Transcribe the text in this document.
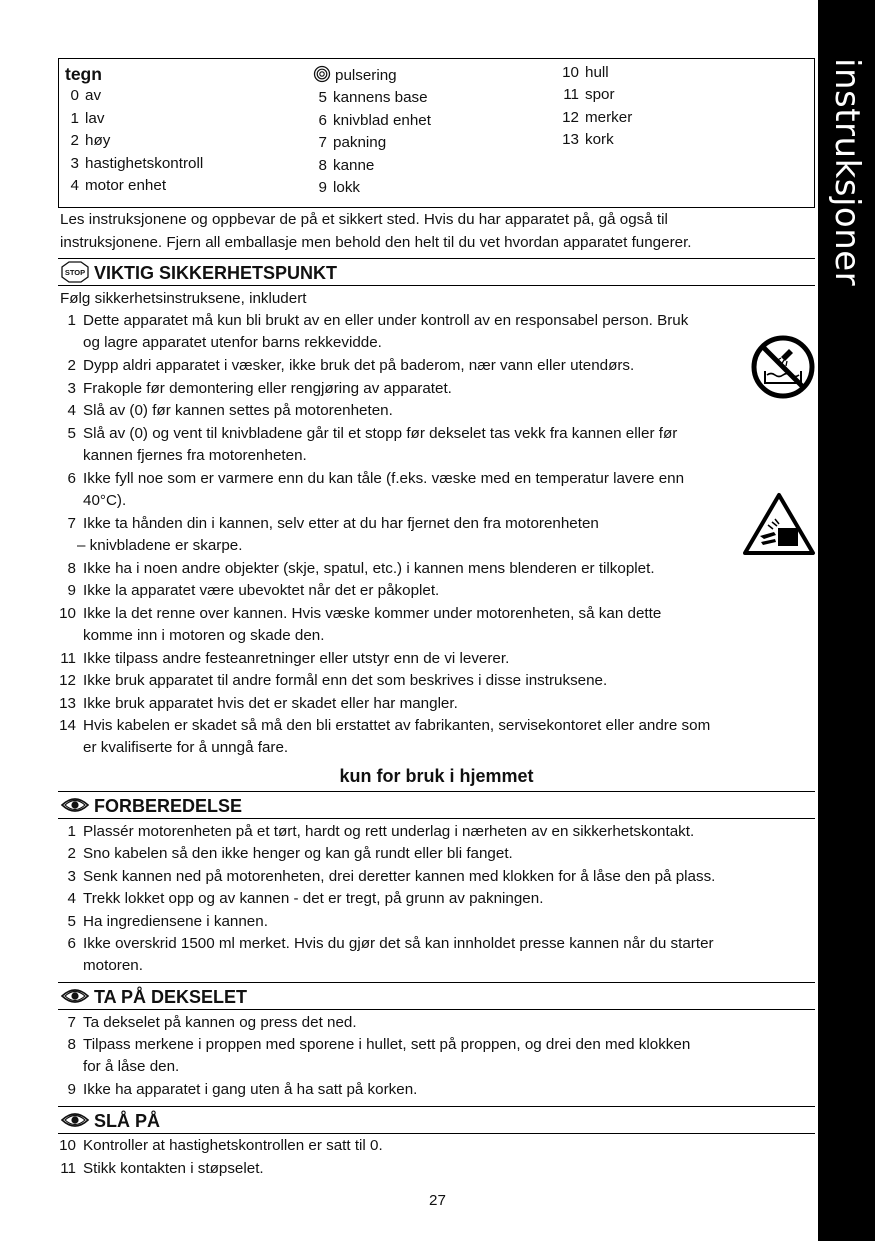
instruksjoner
tegn
0 av
1 lav
2 høy
3 hastighetskontroll
4 motor enhet
pulsering
5 kannens base
6 knivblad enhet
7 pakning
8 kanne
9 lokk
10 hull
11 spor
12 merker
13 kork
Les instruksjonene og oppbevar de på et sikkert sted. Hvis du har apparatet på, gå også til
instruksjonene. Fjern all emballasje men behold den helt til du vet hvordan apparatet fungerer.
STOP VIKTIG SIKKERHETSPUNKT
Følg sikkerhetsinstruksene, inkludert
1 Dette apparatet må kun bli brukt av en eller under kontroll av en responsabel person. Bruk
og lagre apparatet utenfor barns rekkevidde.
2 Dypp aldri apparatet i væsker, ikke bruk det på baderom, nær vann eller utendørs.
3 Frakople før demontering eller rengjøring av apparatet.
4 Slå av (0) før kannen settes på motorenheten.
5 Slå av (0) og vent til knivbladene går til et stopp før dekselet tas vekk fra kannen eller før
kannen fjernes fra motorenheten.
6 Ikke fyll noe som er varmere enn du kan tåle (f.eks. væske med en temperatur lavere enn
40°C).
7 Ikke ta hånden din i kannen, selv etter at du har fjernet den fra motorenheten
– knivbladene er skarpe.
8 Ikke ha i noen andre objekter (skje, spatul, etc.) i kannen mens blenderen er tilkoplet.
9 Ikke la apparatet være ubevoktet når det er påkoplet.
10 Ikke la det renne over kannen. Hvis væske kommer under motorenheten, så kan dette
komme inn i motoren og skade den.
11 Ikke tilpass andre festeanretninger eller utstyr enn de vi leverer.
12 Ikke bruk apparatet til andre formål enn det som beskrives i disse instruksene.
13 Ikke bruk apparatet hvis det er skadet eller har mangler.
14 Hvis kabelen er skadet så må den bli erstattet av fabrikanten, servisekontoret eller andre som
er kvalifiserte for å unngå fare.
kun for bruk i hjemmet
FORBEREDELSE
1 Plassér motorenheten på et tørt, hardt og rett underlag i nærheten av en sikkerhetskontakt.
2 Sno kabelen så den ikke henger og kan gå rundt eller bli fanget.
3 Senk kannen ned på motorenheten, drei deretter kannen med klokken for å låse den på plass.
4 Trekk lokket opp og av kannen - det er tregt, på grunn av pakningen.
5 Ha ingrediensene i kannen.
6 Ikke overskrid 1500 ml merket. Hvis du gjør det så kan innholdet presse kannen når du starter
motoren.
TA PÅ DEKSELET
7 Ta dekselet på kannen og press det ned.
8 Tilpass merkene i proppen med sporene i hullet, sett på proppen, og drei den med klokken
for å låse den.
9 Ikke ha apparatet i gang uten å ha satt på korken.
SLÅ PÅ
10 Kontroller at hastighetskontrollen er satt til 0.
11 Stikk kontakten i støpselet.
27
